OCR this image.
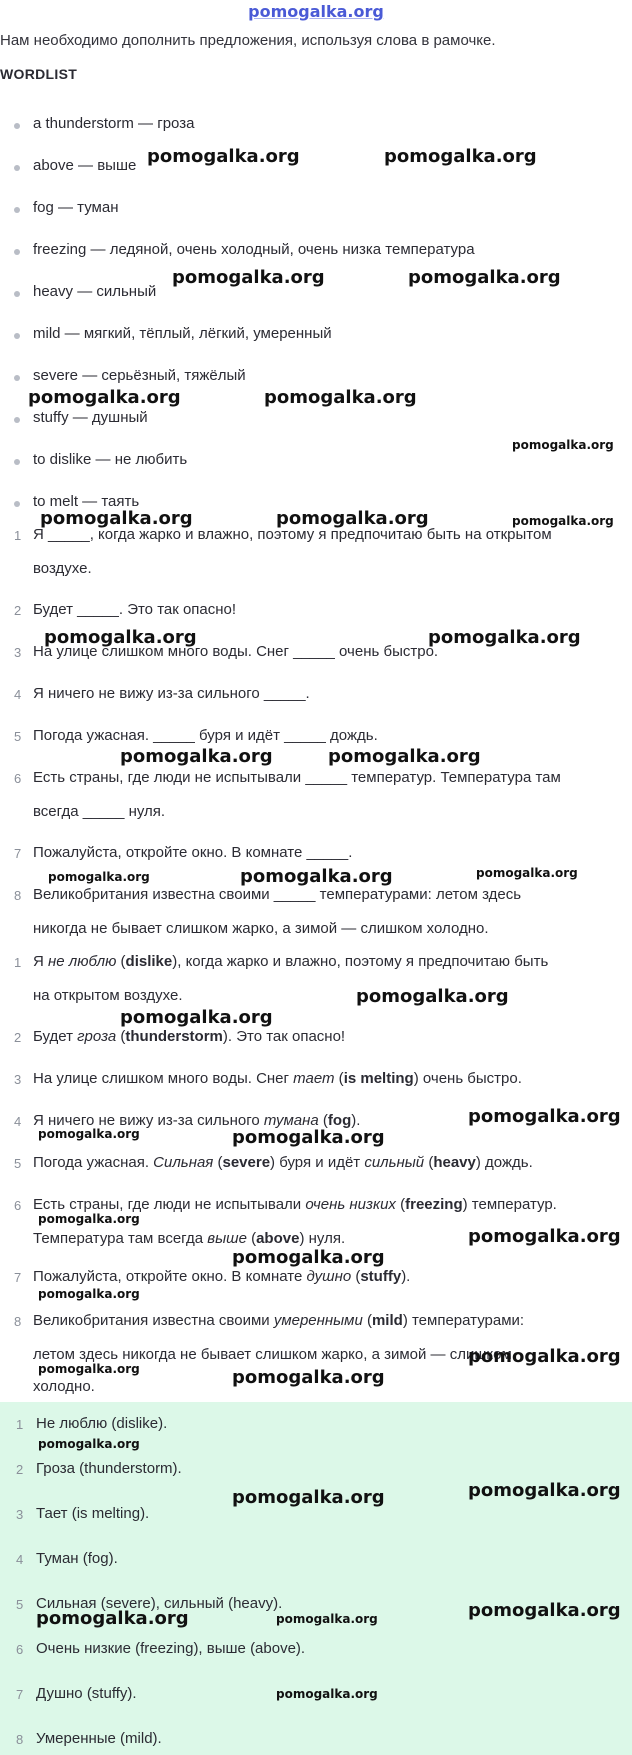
pomogalka.org
Нам необходимо дополнить предложения, используя слова в рамочке.
WORDLIST
a thunderstorm — гроза
above — выше
fog — туман
freezing — ледяной, очень холодный, очень низка температура
heavy — сильный
mild — мягкий, тёплый, лёгкий, умеренный
severe — серьёзный, тяжёлый
stuffy — душный
to dislike — не любить
to melt — таять
1 Я _____, когда жарко и влажно, поэтому я предпочитаю быть на открытом
воздухе.
2 Будет _____. Это так опасно!
3 На улице слишком много воды. Снег _____ очень быстро.
4 Я ничего не вижу из-за сильного _____.
5 Погода ужасная. _____ буря и идёт _____ дождь.
6 Есть страны, где люди не испытывали _____ температур. Температура там
всегда _____ нуля.
7 Пожалуйста, откройте окно. В комнате _____.
8 Великобритания известна своими _____ температурами: летом здесь
никогда не бывает слишком жарко, а зимой — слишком холодно.
1 Я не люблю (dislike), когда жарко и влажно, поэтому я предпочитаю быть
на открытом воздухе.
2 Будет гроза (thunderstorm). Это так опасно!
3 На улице слишком много воды. Снег тает (is melting) очень быстро.
4 Я ничего не вижу из-за сильного тумана (fog).
5 Погода ужасная. Сильная (severe) буря и идёт сильный (heavy) дождь.
6 Есть страны, где люди не испытывали очень низких (freezing) температур.
Температура там всегда выше (above) нуля.
7 Пожалуйста, откройте окно. В комнате душно (stuffy).
8 Великобритания известна своими умеренными (mild) температурами:
летом здесь никогда не бывает слишком жарко, а зимой — слишком
холодно.
1 Не люблю (dislike).
2 Гроза (thunderstorm).
3 Тает (is melting).
4 Туман (fog).
5 Сильная (severe), сильный (heavy).
6 Очень низкие (freezing), выше (above).
7 Душно (stuffy).
8 Умеренные (mild).
pomogalka.org	pomogalka.org
pomogalka.org	pomogalka.org
pomogalka.org	pomogalka.org
pomogalka.org
pomogalka.org	pomogalka.org	pomogalka.org
pomogalka.org	pomogalka.org
pomogalka.org	pomogalka.org
pomogalka.org	pomogalka.org	pomogalka.org
pomogalka.org
pomogalka.org
pomogalka.org
pomogalka.org	pomogalka.org
pomogalka.org
pomogalka.org
pomogalka.org
pomogalka.org
pomogalka.org
pomogalka.org
pomogalka.org
pomogalka.org
pomogalka.org
pomogalka.org
pomogalka.org	pomogalka.org	pomogalka.org
pomogalka.org
